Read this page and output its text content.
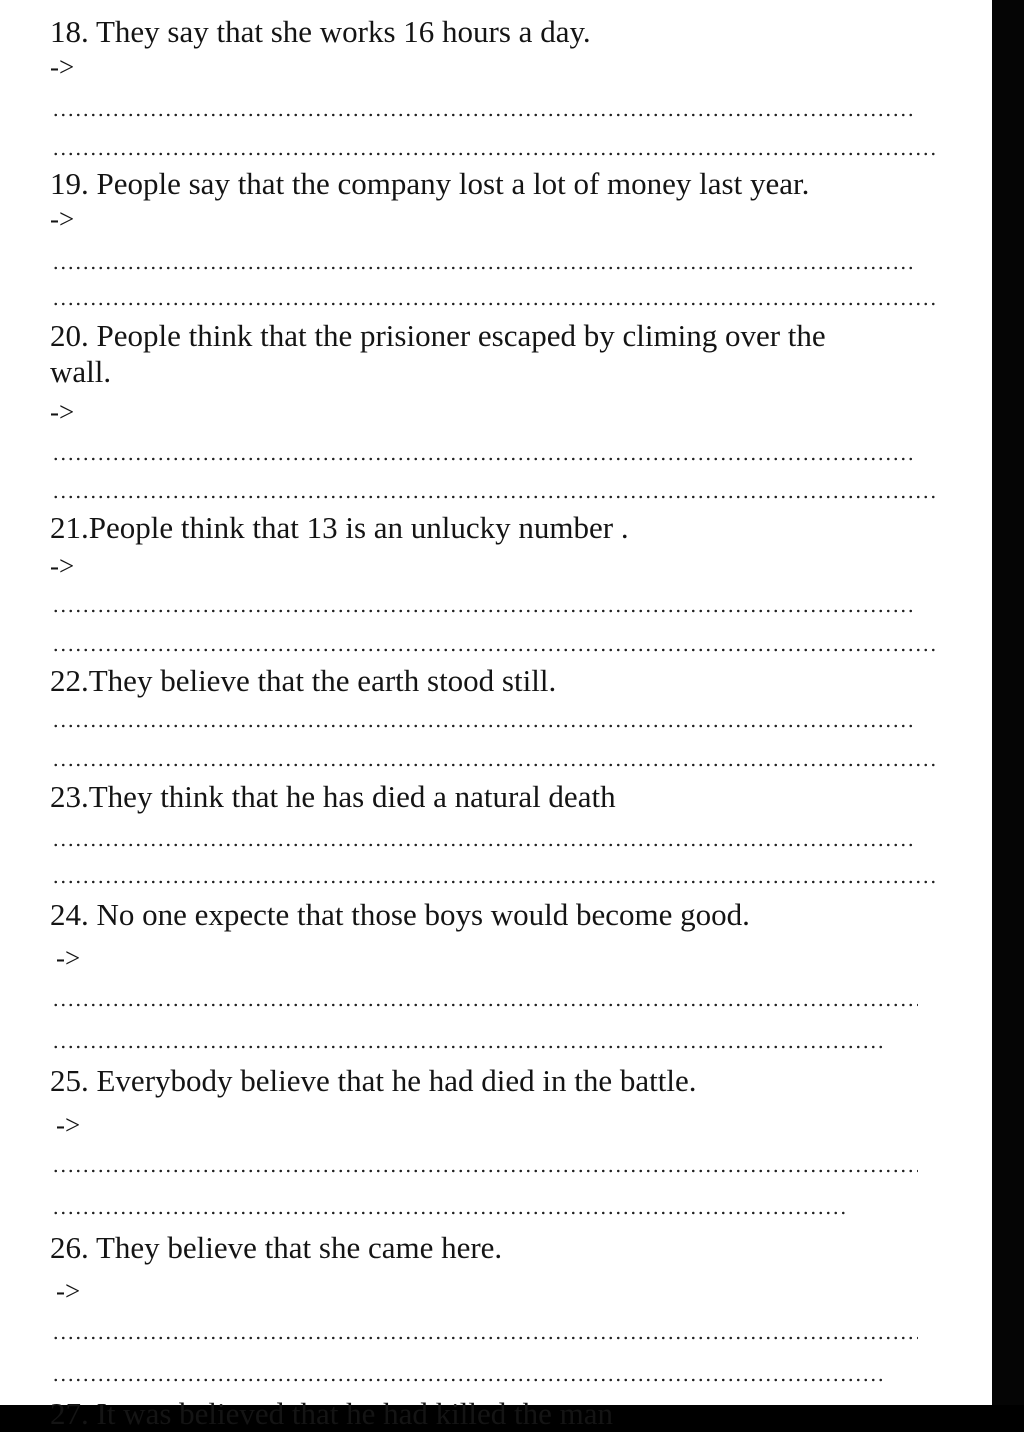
18. They say that she works 16 hours a day.

->

19. People say that the company lost a lot of money last year.

->

20. People think that the prisioner escaped by climing over the wall.

->

21.People think that 13 is an unlucky number .

->

22.They believe that the earth stood still.

23.They think that he has died a natural death

24. No one expecte that those boys would become good.

->

25. Everybody believe that he had died in the battle.

->

26. They believe that she came here.

->

27. It was believed that he had killed the man
